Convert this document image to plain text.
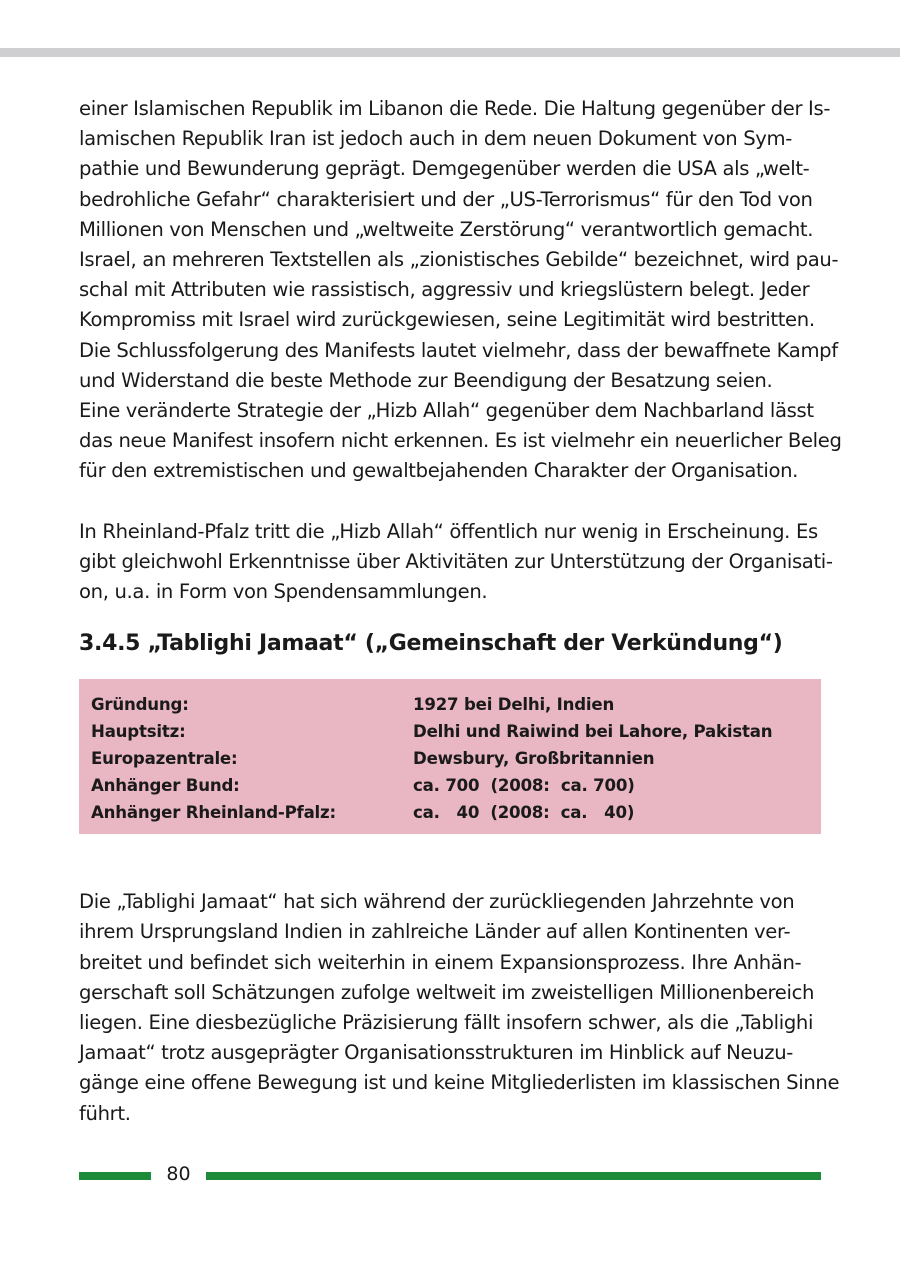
einer Islamischen Republik im Libanon die Rede. Die Haltung gegenüber der Is-

lamischen Republik Iran ist jedoch auch in dem neuen Dokument von Sym-

pathie und Bewunderung geprägt. Demgegenüber werden die USA als „welt-

bedrohliche Gefahr“ charakterisiert und der „US-Terrorismus“ für den Tod von

Millionen von Menschen und „weltweite Zerstörung“ verantwortlich gemacht.

Israel, an mehreren Textstellen als „zionistisches Gebilde“ bezeichnet, wird pau-

schal mit Attributen wie rassistisch, aggressiv und kriegslüstern belegt. Jeder

Kompromiss mit Israel wird zurückgewiesen, seine Legitimität wird bestritten.

Die Schlussfolgerung des Manifests lautet vielmehr, dass der bewaffnete Kampf

und Widerstand die beste Methode zur Beendigung der Besatzung seien.

Eine veränderte Strategie der „Hizb Allah“ gegenüber dem Nachbarland lässt

das neue Manifest insofern nicht erkennen. Es ist vielmehr ein neuerlicher Beleg

für den extremistischen und gewaltbejahenden Charakter der Organisation.

In Rheinland-Pfalz tritt die „Hizb Allah“ öffentlich nur wenig in Erscheinung. Es

gibt gleichwohl Erkenntnisse über Aktivitäten zur Unterstützung der Organisati-

on, u.a. in Form von Spendensammlungen.

3.4.5 „Tablighi Jamaat“ („Gemeinschaft der Verkündung“)
Gründung:	1927 bei Delhi, Indien
Hauptsitz:	Delhi und Raiwind bei Lahore, Pakistan
Europazentrale:	Dewsbury, Großbritannien
Anhänger Bund:	ca. 700  (2008:  ca. 700)
Anhänger Rheinland-Pfalz:	ca.   40  (2008:  ca.   40)

Die „Tablighi Jamaat“ hat sich während der zurückliegenden Jahrzehnte von

ihrem Ursprungsland Indien in zahlreiche Länder auf allen Kontinenten ver-

breitet und befindet sich weiterhin in einem Expansionsprozess. Ihre Anhän-

gerschaft soll Schätzungen zufolge weltweit im zweistelligen Millionenbereich

liegen. Eine diesbezügliche Präzisierung fällt insofern schwer, als die „Tablighi

Jamaat“ trotz ausgeprägter Organisationsstrukturen im Hinblick auf Neuzu-

gänge eine offene Bewegung ist und keine Mitgliederlisten im klassischen Sinne

führt.

80
